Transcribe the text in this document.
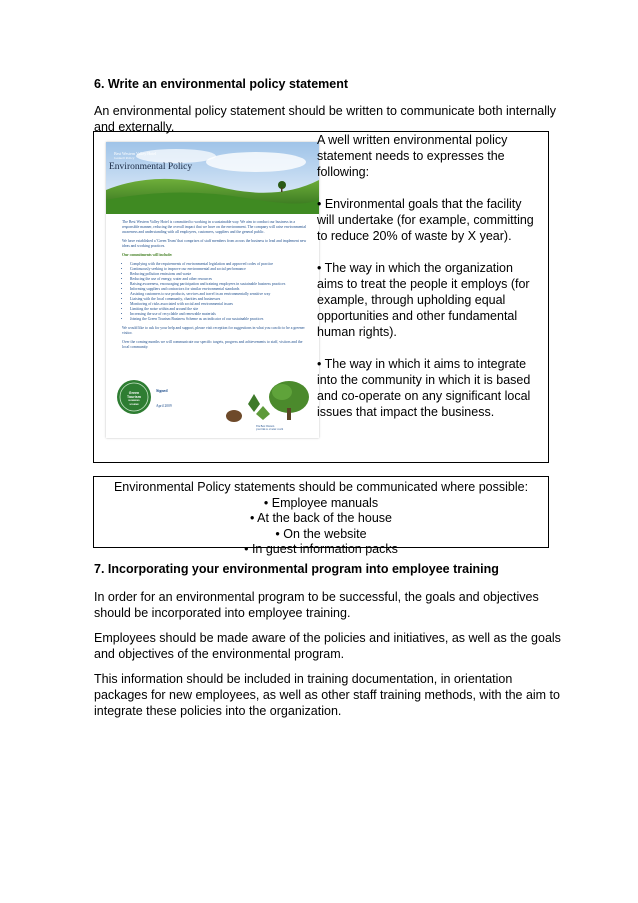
6. Write an environmental policy statement
An environmental policy statement should be written to communicate both internally
and externally.
Best Western Valley Hotel
Gaskell Policy
Environmental Policy

The Best Western Valley Hotel is committed to working in a sustainable way. We aim to conduct our business in a responsible manner, reducing the overall impact that we have on the environment. The company will raise environmental awareness and understanding with all employees, customers, suppliers and the general public.

We have established a 'Green Team' that comprises of staff members from across the business to lead and implement new ideas and working practices.

Our commitments will include:

• Complying with the requirements of environmental legislation and approved codes of practice
• Continuously seeking to improve our environmental and social performance
• Reducing pollution emissions and waste
• Reducing the use of energy, water and other resources
• Raising awareness, encouraging participation and training employees in sustainable business practices
• Informing suppliers and contractors for similar environmental standards
• Assisting customers to use products, services and travel in an environmentally sensitive way
• Liaising with the local community, charities and businesses
• Monitoring of risks associated with social and environmental issues
• Limiting the noise within and around the site
• Increasing the use of recyclable and renewable materials
• Joining the Green Tourism Business Scheme as an indicator of our sustainable practices

We would like to ask for your help and support, please visit reception for suggestions in what you can do to be a greener visitor.

Over the coming months we will communicate our specific targets, progress and achievements to staff, visitors and the local community.

Green
Tourism
BUSINESS SCHEME
Signed
April 2009
The Best Western
your link to a better world

A well written environmental policy statement needs to expresses the following:

• Environmental goals that the facility will undertake (for example, committing to reduce 20% of waste by X year).

• The way in which the organization aims to treat the people it employs (for example, through upholding equal opportunities and other fundamental human rights).

• The way in which it aims to integrate into the community in which it is based and co-operate on any significant local issues that impact the business.

Environmental Policy statements should be communicated where possible:
• Employee manuals
• At the back of the house
• On the website
• In guest information packs
7. Incorporating your environmental program into employee training
In order for an environmental program to be successful, the goals and objectives
should be incorporated into employee training.
Employees should be made aware of the policies and initiatives, as well as the goals
and objectives of the environmental program.
This information should be included in training documentation, in orientation
packages for new employees, as well as other staff training methods, with the aim to
integrate these policies into the organization.
